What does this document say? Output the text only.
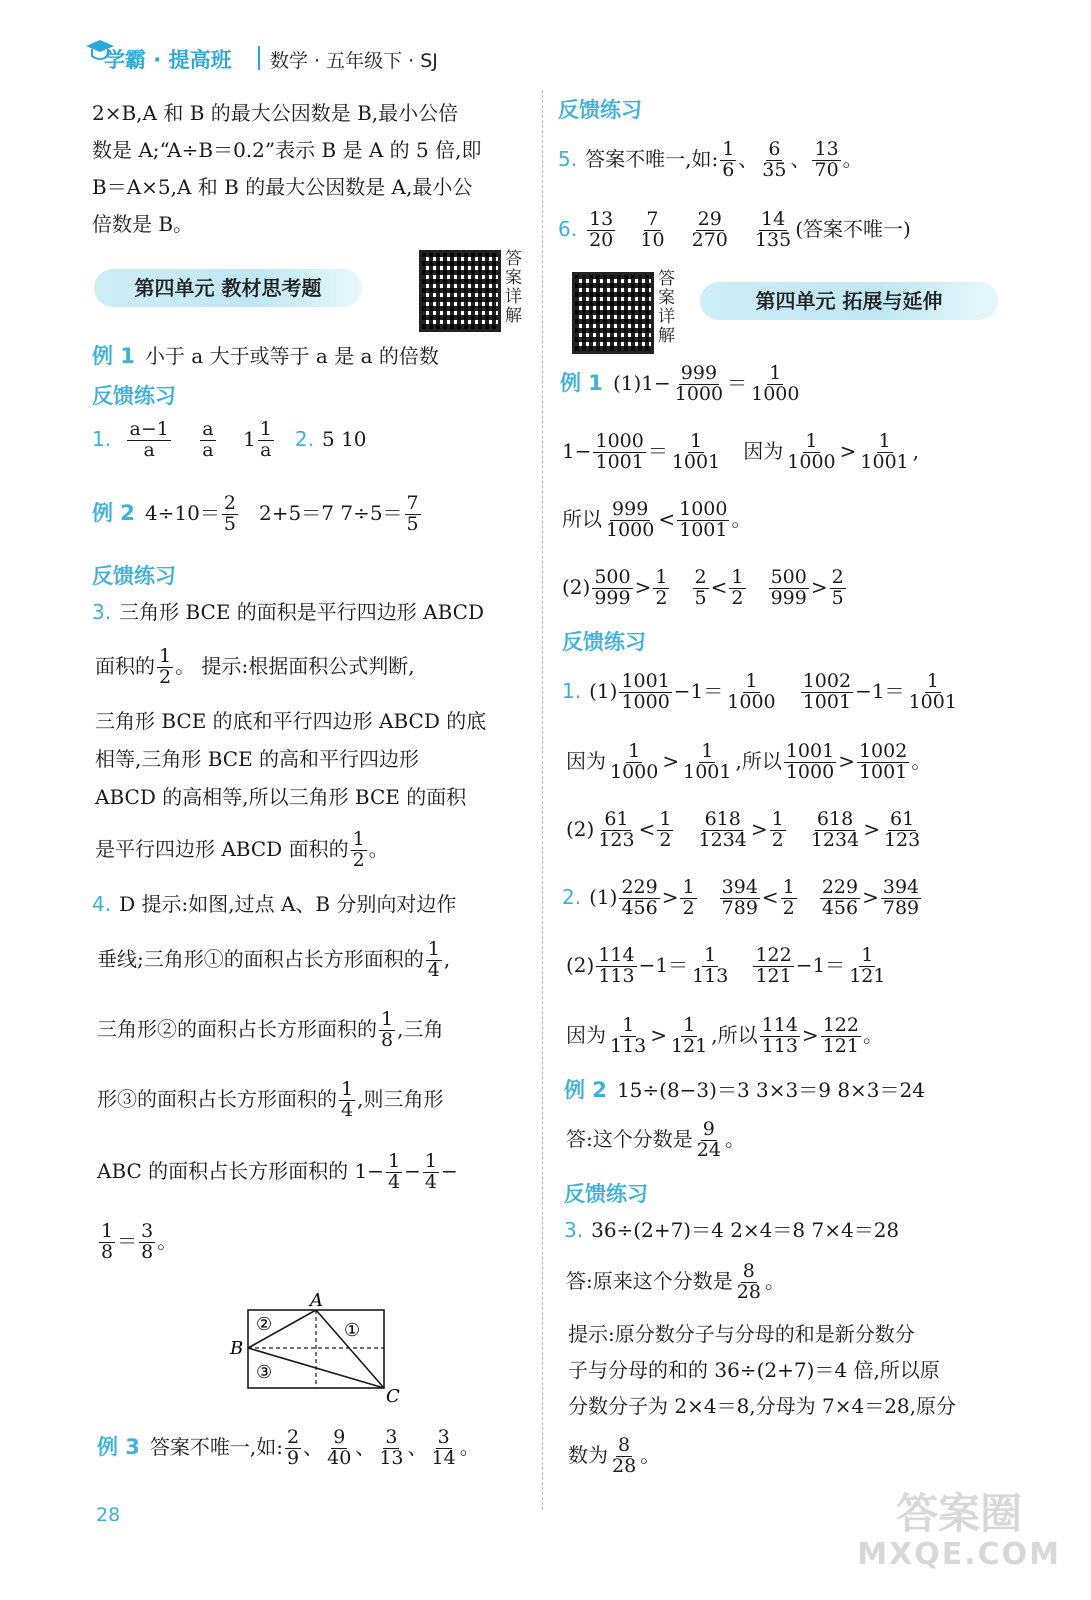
学霸 · 提高班 数学 · 五年级下 · SJ
2×B,A 和 B 的最大公因数是 B,最小公倍
数是 A;“A÷B＝0.2”表示 B 是 A 的 5 倍,即
B＝A×5,A 和 B 的最大公因数是 A,最小公
倍数是 B。
第四单元 教材思考题
答案详解
例 1 小于 a 大于或等于 a 是 a 的倍数
反馈练习
1. $\frac{a-1}{a}$
$\frac{a}{a} 1 \frac{1}{a} 2$. 5 10
例 2 $4\div 10= \frac{2}{5} 2+5=7$ $7\div 5= \frac{7}{5}$
反馈练习
3. 三角形 BCE 的面积是平行四边形 ABCD
面积的 $\frac{1}{2}$ 。 提示:根据面积公式判断,
三角形 BCE 的底和平行四边形 ABCD 的底
相等,三角形 BCE 的高和平行四边形
ABCD 的高相等,所以三角形 BCE 的面积
是平行四边形 ABCD 面积的 $\frac{1}{2}$ 。
4. D 提示:如图,过点 A、B 分别向对边作
垂线;三角形①的面积占长方形面积的 $\frac{1}{4}$ ,
三角形②的面积占长方形面积的 $\frac{1}{8}$ ,三角
形③的面积占长方形面积的 $\frac{1}{4}$ ,则三角形
ABC 的面积占长方形面积的 $1- \frac{1}{4} - \frac{1}{4}$ −
$\frac{1}{8} = \frac{3}{8}$ 。
A
B
C
①
②
③
例 3 答案不唯一,如: $\frac{2}{9}$ 、 $\frac{9}{40}$ 、 $\frac{3}{13}$ 、 $\frac{3}{14}$ 。
反馈练习
5. 答案不唯一,如: $\frac{1}{6}$ 、 $\frac{6}{35}$ 、 $\frac{13}{70}$ 。
6. $\frac{13}{20}$
$\frac{7}{10}$
$\frac{29}{270}$
$\frac{14}{135}$ (答案不唯一)
答案详解
第四单元 拓展与延伸
例 1 $(1)1- \frac{999}{1000} = \frac{1}{1000}$
$1- \frac{1000}{1001} = \frac{1}{1001}$ 因为 $\frac{1}{1000} > \frac{1}{1001}$ ,
所以 $\frac{999}{1000} < \frac{1000}{1001}$ 。
$(2) \frac{500}{999} > \frac{1}{2}$
$\frac{2}{5} < \frac{1}{2}$
$\frac{500}{999} > \frac{2}{5}$
反馈练习
1. $(1) \frac{1001}{1000} -1= \frac{1}{1000}$
$\frac{1002}{1001} -1= \frac{1}{1001}$
因为 $\frac{1}{1000} > \frac{1}{1001}$ ,所以 $\frac{1001}{1000} > \frac{1002}{1001}$ 。
$(2) \frac{61}{123} < \frac{1}{2}$
$\frac{618}{1234} > \frac{1}{2}$
$\frac{618}{1234} > \frac{61}{123}$
2. $(1) \frac{229}{456} > \frac{1}{2}$
$\frac{394}{789} < \frac{1}{2}$
$\frac{229}{456} > \frac{394}{789}$
$(2) \frac{114}{113} -1= \frac{1}{113}$
$\frac{122}{121} -1= \frac{1}{121}$
因为 $\frac{1}{113} > \frac{1}{121}$ ,所以 $\frac{114}{113} > \frac{122}{121}$ 。
例 2 15÷(8−3)＝3 3×3＝9 8×3＝24
答:这个分数是 $\frac{9}{24}$ 。
反馈练习
3. 36÷(2+7)＝4 2×4＝8 7×4＝28
答:原来这个分数是 $\frac{8}{28}$ 。
提示:原分数分子与分母的和是新分数分
子与分母的和的 36÷(2+7)＝4 倍,所以原
分数分子为 2×4＝8,分母为 7×4＝28,原分
数为 $\frac{8}{28}$ 。
28	答案圈
MXQE.COM
